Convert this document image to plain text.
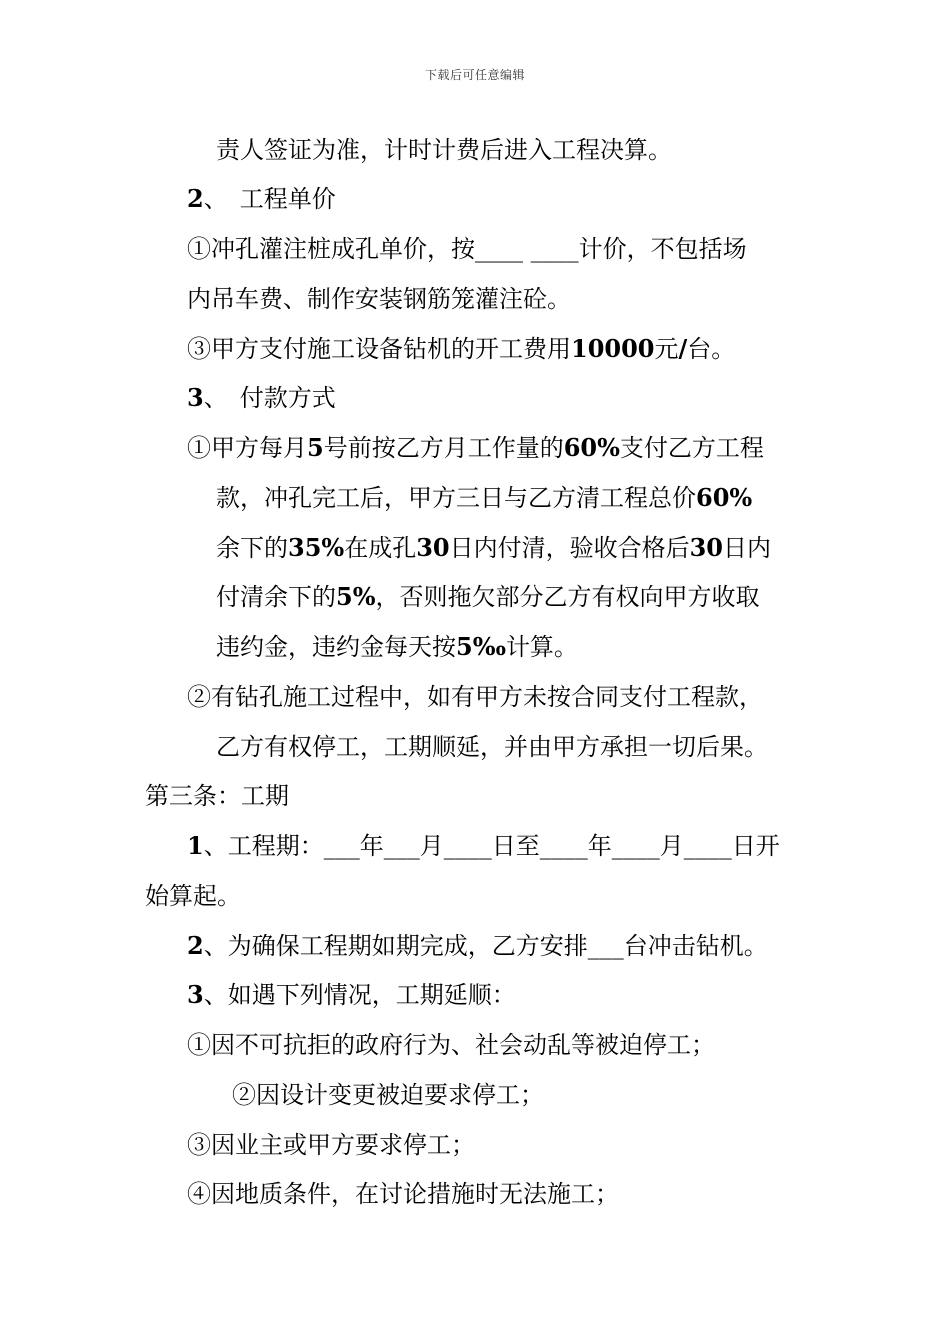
下载后可任意编辑
责人签证为准，计时计费后进入工程决算。
2、　工程单价
①冲孔灌注桩成孔单价，按____ ____计价，不包括场
内吊车费、制作安装钢筋笼灌注砼。
③甲方支付施工设备钻机的开工费用10000元/台。
3、　付款方式
①甲方每月5号前按乙方月工作量的60%支付乙方工程
款，冲孔完工后，甲方三日与乙方清工程总价60%
余下的35%在成孔30日内付清，验收合格后30日内
付清余下的5%，否则拖欠部分乙方有权向甲方收取
违约金，违约金每天按5‰计算。
②有钻孔施工过程中，如有甲方未按合同支付工程款，
乙方有权停工，工期顺延，并由甲方承担一切后果。
第三条：工期
1、工程期：___年___月____日至____年____月____日开
始算起。
2、为确保工程期如期完成，乙方安排___台冲击钻机。
3、如遇下列情况，工期延顺：
①因不可抗拒的政府行为、社会动乱等被迫停工；
②因设计变更被迫要求停工；
③因业主或甲方要求停工；
④因地质条件，在讨论措施时无法施工；
